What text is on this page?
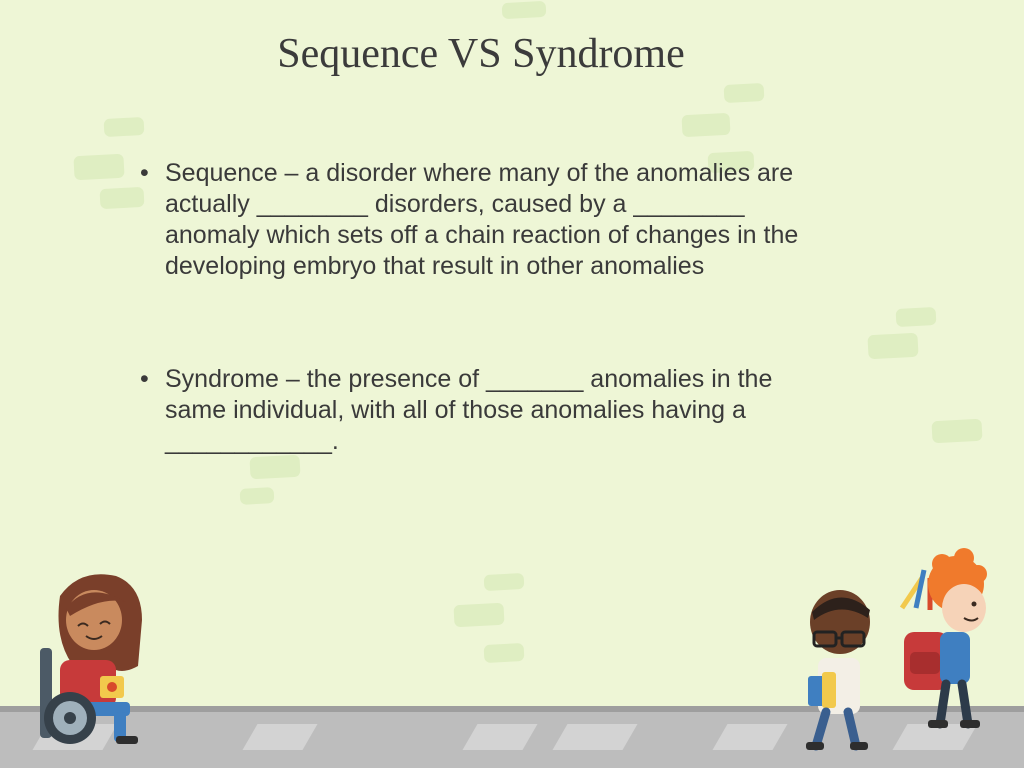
Sequence VS Syndrome
• Sequence – a disorder where many of the anomalies are
actually ________ disorders, caused by a ________
anomaly which sets off a chain reaction of changes in the
developing embryo that result in other anomalies
• Syndrome – the presence of _______ anomalies in the
same individual, with all of those anomalies having a
____________.
